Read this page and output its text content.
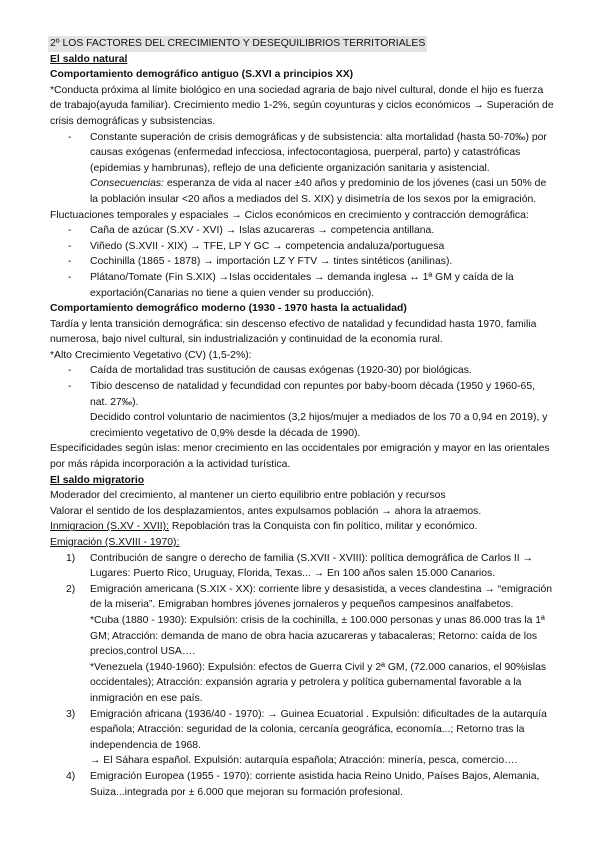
2º LOS FACTORES DEL CRECIMIENTO Y DESEQUILIBRIOS TERRITORIALES
El saldo natural
Comportamiento demográfico antiguo (S.XVI a principios XX)

*Conducta próxima al límite biológico en una sociedad agraria de bajo nivel cultural, donde el hijo es fuerza de trabajo(ayuda familiar). Crecimiento medio 1-2%, según coyunturas y ciclos económicos → Superación de crisis demográficas y subsistencias.

- Constante superación de crisis demográficas y de subsistencia: alta mortalidad (hasta 50-70‰) por causas exógenas (enfermedad infecciosa, infectocontagiosa, puerperal, parto) y catastróficas (epidemias y hambrunas), reflejo de una deficiente organización sanitaria y asistencial.
Consecuencias: esperanza de vida al nacer ±40 años y predominio de los jóvenes (casi un 50% de la población insular <20 años a mediados del S. XIX) y disimetría de los sexos por la emigración.

Fluctuaciones temporales y espaciales → Ciclos económicos en crecimiento y contracción demográfica:

- Caña de azúcar (S.XV - XVI) → Islas azucareras → competencia antillana.
- Viñedo (S.XVII - XIX) → TFE, LP Y GC → competencia andaluza/portuguesa
- Cochinilla (1865 - 1878) → importación LZ Y FTV → tintes sintéticos (anilinas).
- Plátano/Tomate (Fin S.XIX) →Islas occidentales → demanda inglesa ↔ 1ª GM y caída de la exportación(Canarias no tiene a quien vender su producción).
Comportamiento demográfico moderno (1930 - 1970 hasta la actualidad)

Tardía y lenta transición demográfica: sin descenso efectivo de natalidad y fecundidad hasta 1970, familia numerosa, bajo nivel cultural, sin industrialización y continuidad de la economía rural.

*Alto Crecimiento Vegetativo (CV) (1,5-2%):

- Caída de mortalidad tras sustitución de causas exógenas (1920-30) por biológicas.
- Tibio descenso de natalidad y fecundidad con repuntes por baby-boom década (1950 y 1960-65, nat. 27‰).
Decidido control voluntario de nacimientos (3,2 hijos/mujer a mediados de los 70 a 0,94 en 2019), y crecimiento vegetativo de 0,9% desde la década de 1990).

Especificidades según islas: menor crecimiento en las occidentales por emigración y mayor en las orientales por más rápida incorporación a la actividad turística.

El saldo migratorio

Moderador del crecimiento, al mantener un cierto equilibrio entre población y recursos

Valorar el sentido de los desplazamientos, antes expulsamos población → ahora la atraemos.

Inmigracion (S.XV - XVII): Repoblación tras la Conquista con fin político, militar y económico.

Emigración (S.XVIII - 1970):

1) Contribución de sangre o derecho de familia (S.XVII - XVIII): política demográfica de Carlos II → Lugares: Puerto Rico, Uruguay, Florida, Texas... → En 100 años salen 15.000 Canarios.
2) Emigración americana (S.XIX - XX): corriente libre y desasistida, a veces clandestina → “emigración de la miseria”. Emigraban hombres jóvenes jornaleros y pequeños campesinos analfabetos.
*Cuba (1880 - 1930): Expulsión: crisis de la cochinilla, ± 100.000 personas y unas 86.000 tras la 1ª GM; Atracción: demanda de mano de obra hacia azucareras y tabacaleras; Retorno: caída de los precios,control USA….
*Venezuela (1940-1960): Expulsión: efectos de Guerra Civil y 2ª GM, (72.000 canarios, el 90%islas occidentales); Atracción: expansión agraria y petrolera y política gubernamental favorable a la inmigración en ese país.
3) Emigración africana (1936/40 - 1970): → Guinea Ecuatorial . Expulsión: dificultades de la autarquía española; Atracción: seguridad de la colonia, cercanía geográfica, economía...; Retorno tras la independencia de 1968.
→ El Sáhara español. Expulsión: autarquía española; Atracción: minería, pesca, comercio….
4) Emigración Europea (1955 - 1970): corriente asistida hacia Reino Unido, Países Bajos, Alemania, Suiza...integrada por ± 6.000 que mejoran su formación profesional.
